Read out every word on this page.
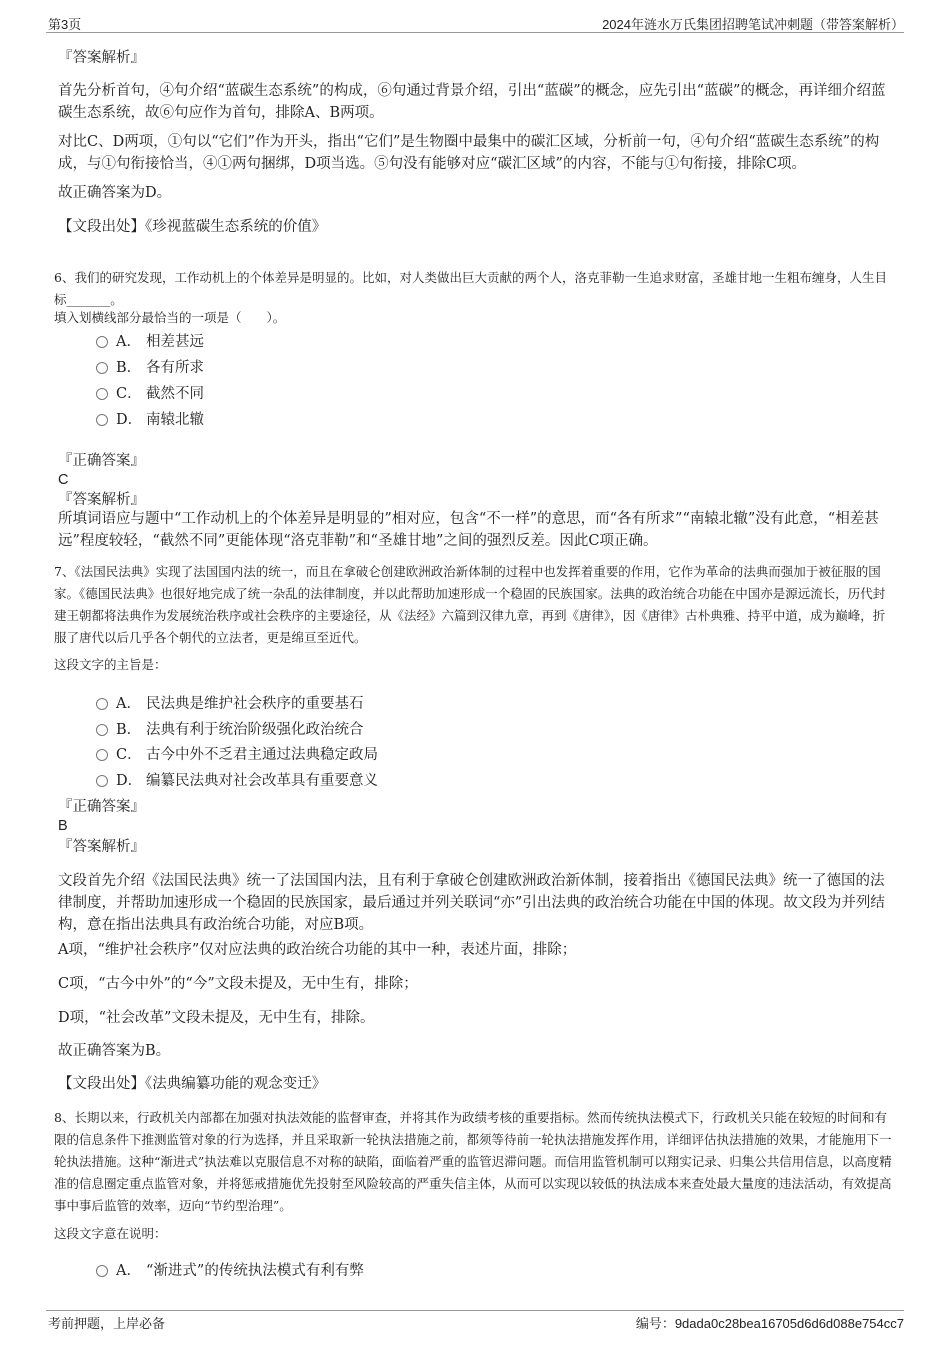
第3页	2024年涟水万氏集团招聘笔试冲刺题（带答案解析）
『答案解析』

首先分析首句，④句介绍“蓝碳生态系统”的构成，⑥句通过背景介绍，引出“蓝碳”的概念，应先引出“蓝碳”的概念，再详细介绍蓝碳生态系统，故⑥句应作为首句，排除A、B两项。

对比C、D两项，①句以“它们”作为开头，指出“它们”是生物圈中最集中的碳汇区域，分析前一句，④句介绍“蓝碳生态系统”的构成，与①句衔接恰当，④①两句捆绑，D项当选。⑤句没有能够对应“碳汇区域”的内容，不能与①句衔接，排除C项。

故正确答案为D。
【文段出处】《珍视蓝碳生态系统的价值》

6、我们的研究发现，工作动机上的个体差异是明显的。比如，对人类做出巨大贡献的两个人，洛克菲勒一生追求财富，圣雄甘地一生粗布缠身，人生目标_______。

填入划横线部分最恰当的一项是（　　）。
A． 相差甚远
B． 各有所求
C． 截然不同
D． 南辕北辙
『正确答案』
C
『答案解析』

所填词语应与题中“工作动机上的个体差异是明显的”相对应，包含“不一样”的意思，而“各有所求”“南辕北辙”没有此意，“相差甚远”程度较轻，“截然不同”更能体现“洛克菲勒”和“圣雄甘地”之间的强烈反差。因此C项正确。

7、《法国民法典》实现了法国国内法的统一，而且在拿破仑创建欧洲政治新体制的过程中也发挥着重要的作用，它作为革命的法典而强加于被征服的国家。《德国民法典》也很好地完成了统一杂乱的法律制度，并以此帮助加速形成一个稳固的民族国家。法典的政治统合功能在中国亦是源远流长，历代封建王朝都将法典作为发展统治秩序或社会秩序的主要途径，从《法经》六篇到汉律九章，再到《唐律》，因《唐律》古朴典雅、持平中道，成为巅峰，折服了唐代以后几乎各个朝代的立法者，更是绵亘至近代。

这段文字的主旨是：
A． 民法典是维护社会秩序的重要基石
B． 法典有利于统治阶级强化政治统合
C． 古今中外不乏君主通过法典稳定政局
D． 编纂民法典对社会改革具有重要意义
『正确答案』
B
『答案解析』

文段首先介绍《法国民法典》统一了法国国内法，且有利于拿破仑创建欧洲政治新体制，接着指出《德国民法典》统一了德国的法律制度，并帮助加速形成一个稳固的民族国家，最后通过并列关联词“亦”引出法典的政治统合功能在中国的体现。故文段为并列结构，意在指出法典具有政治统合功能，对应B项。

A项，“维护社会秩序”仅对应法典的政治统合功能的其中一种，表述片面，排除；

C项，“古今中外”的“今”文段未提及，无中生有，排除；

D项，“社会改革”文段未提及，无中生有，排除。

故正确答案为B。
【文段出处】《法典编纂功能的观念变迁》

8、长期以来，行政机关内部都在加强对执法效能的监督审查，并将其作为政绩考核的重要指标。然而传统执法模式下，行政机关只能在较短的时间和有限的信息条件下推测监管对象的行为选择，并且采取新一轮执法措施之前，都须等待前一轮执法措施发挥作用，详细评估执法措施的效果，才能施用下一轮执法措施。这种“渐进式”执法难以克服信息不对称的缺陷，面临着严重的监管迟滞问题。而信用监管机制可以翔实记录、归集公共信用信息，以高度精准的信息圈定重点监管对象，并将惩戒措施优先投射至风险较高的严重失信主体，从而可以实现以较低的执法成本来查处最大量度的违法活动，有效提高事中事后监管的效率，迈向“节约型治理”。

这段文字意在说明：
A． “渐进式”的传统执法模式有利有弊
考前押题，上岸必备	编号：9dada0c28bea16705d6d6d088e754cc7
